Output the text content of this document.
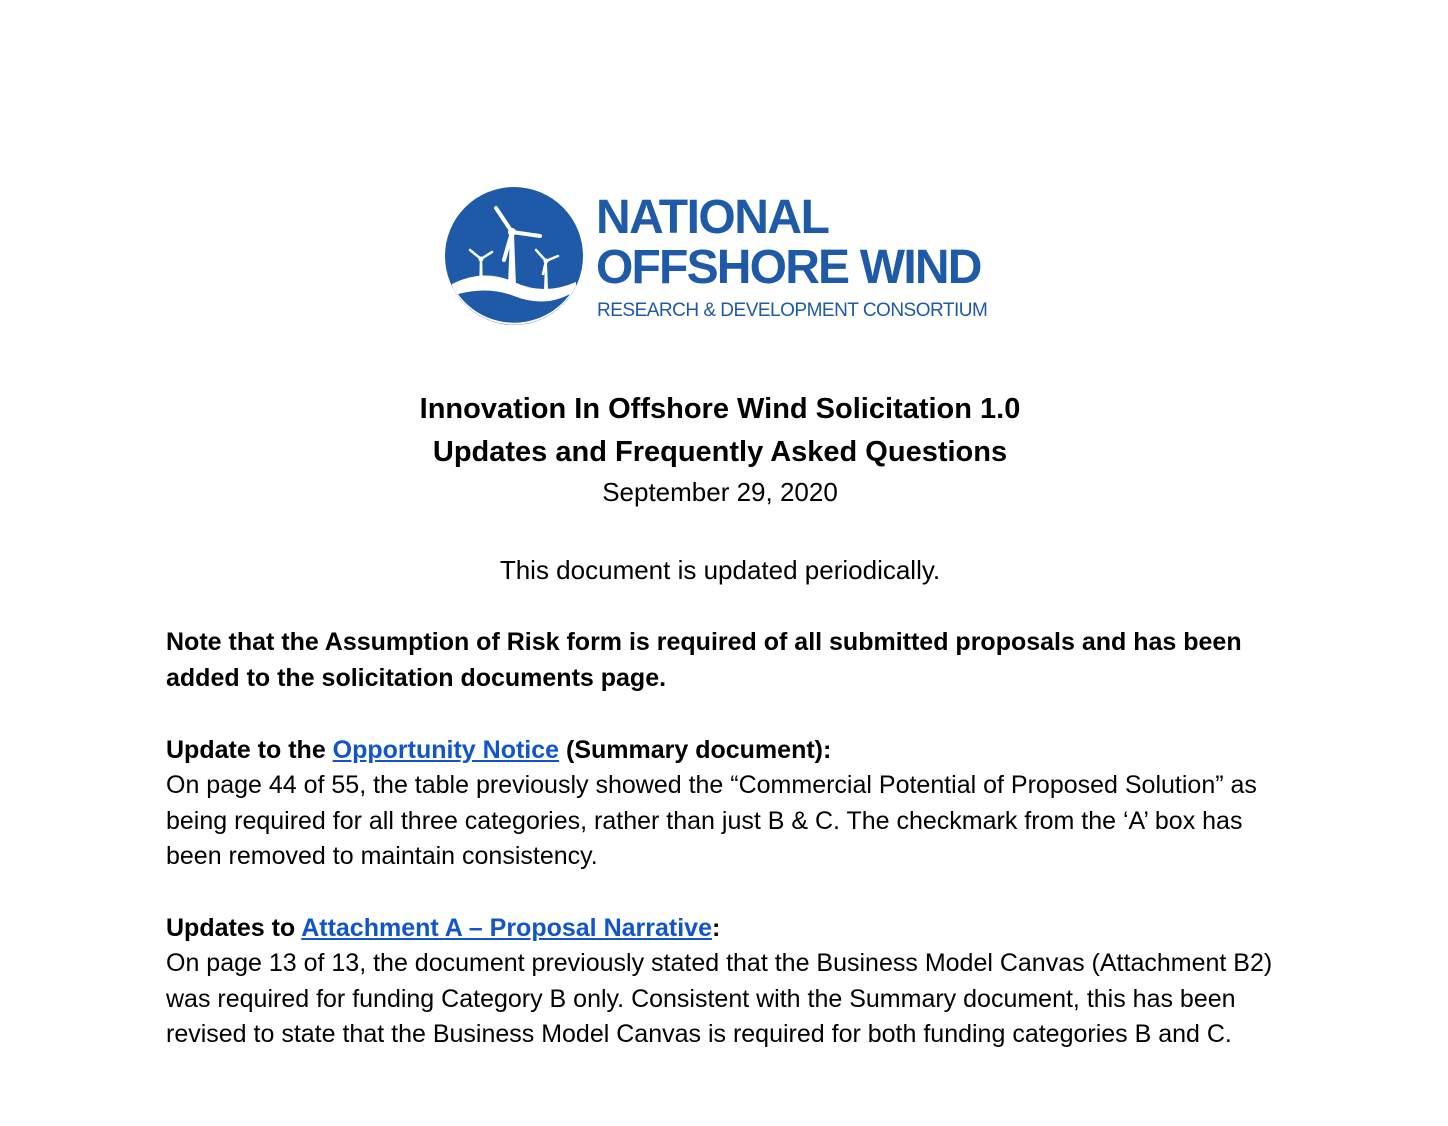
NATIONAL
OFFSHORE WIND
RESEARCH & DEVELOPMENT CONSORTIUM
Innovation In Offshore Wind Solicitation 1.0
Updates and Frequently Asked Questions
September 29, 2020
This document is updated periodically.
Note that the Assumption of Risk form is required of all submitted proposals and has been added to the solicitation documents page.
Update to the Opportunity Notice (Summary document):
On page 44 of 55, the table previously showed the “Commercial Potential of Proposed Solution” as being required for all three categories, rather than just B & C. The checkmark from the ‘A’ box has been removed to maintain consistency.
Updates to Attachment A – Proposal Narrative:
On page 13 of 13, the document previously stated that the Business Model Canvas (Attachment B2) was required for funding Category B only. Consistent with the Summary document, this has been revised to state that the Business Model Canvas is required for both funding categories B and C.
